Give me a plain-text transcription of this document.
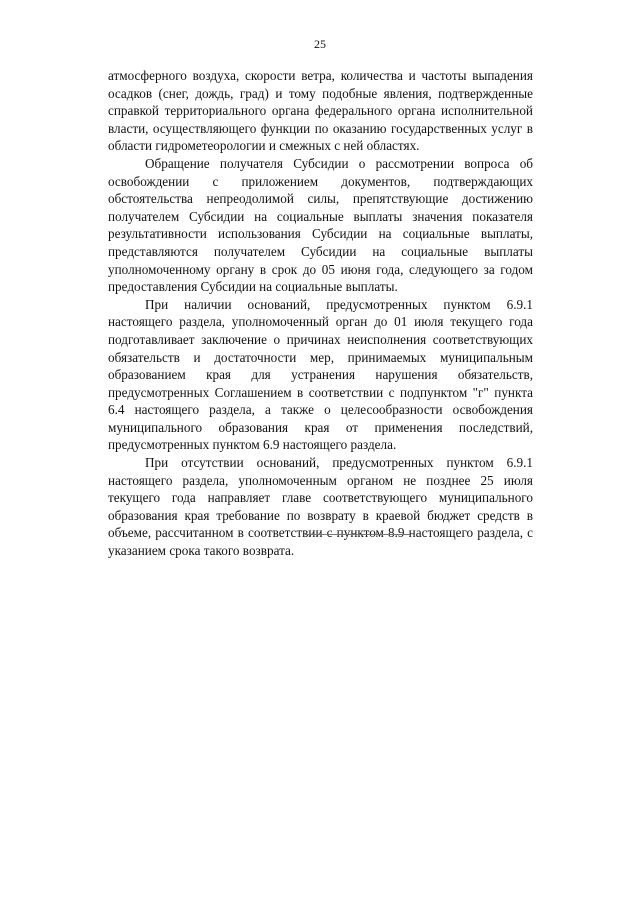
25

атмосферного воздуха, скорости ветра, количества и частоты выпадения осадков (снег, дождь, град) и тому подобные явления, подтвержденные справкой территориального органа федерального органа исполнительной власти, осуществляющего функции по оказанию государственных услуг в области гидрометеорологии и смежных с ней областях.

Обращение получателя Субсидии о рассмотрении вопроса об освобождении с приложением документов, подтверждающих обстоятельства непреодолимой силы, препятствующие достижению получателем Субсидии на социальные выплаты значения показателя результативности использования Субсидии на социальные выплаты, представляются получателем Субсидии на социальные выплаты уполномоченному органу в срок до 05 июня года, следующего за годом предоставления Субсидии на социальные выплаты.

При наличии оснований, предусмотренных пунктом 6.9.1 настоящего раздела, уполномоченный орган до 01 июля текущего года подготавливает заключение о причинах неисполнения соответствующих обязательств и достаточности мер, принимаемых муниципальным образованием края для устранения нарушения обязательств, предусмотренных Соглашением в соответствии с подпунктом "г" пункта 6.4 настоящего раздела, а также о целесообразности освобождения муниципального образования края от применения последствий, предусмотренных пунктом 6.9 настоящего раздела.

При отсутствии оснований, предусмотренных пунктом 6.9.1 настоящего раздела, уполномоченным органом не позднее 25 июля текущего года направляет главе соответствующего муниципального образования края требование по возврату в краевой бюджет средств в объеме, рассчитанном в соответствии с пунктом 8.9 настоящего раздела, с указанием срока такого возврата.
